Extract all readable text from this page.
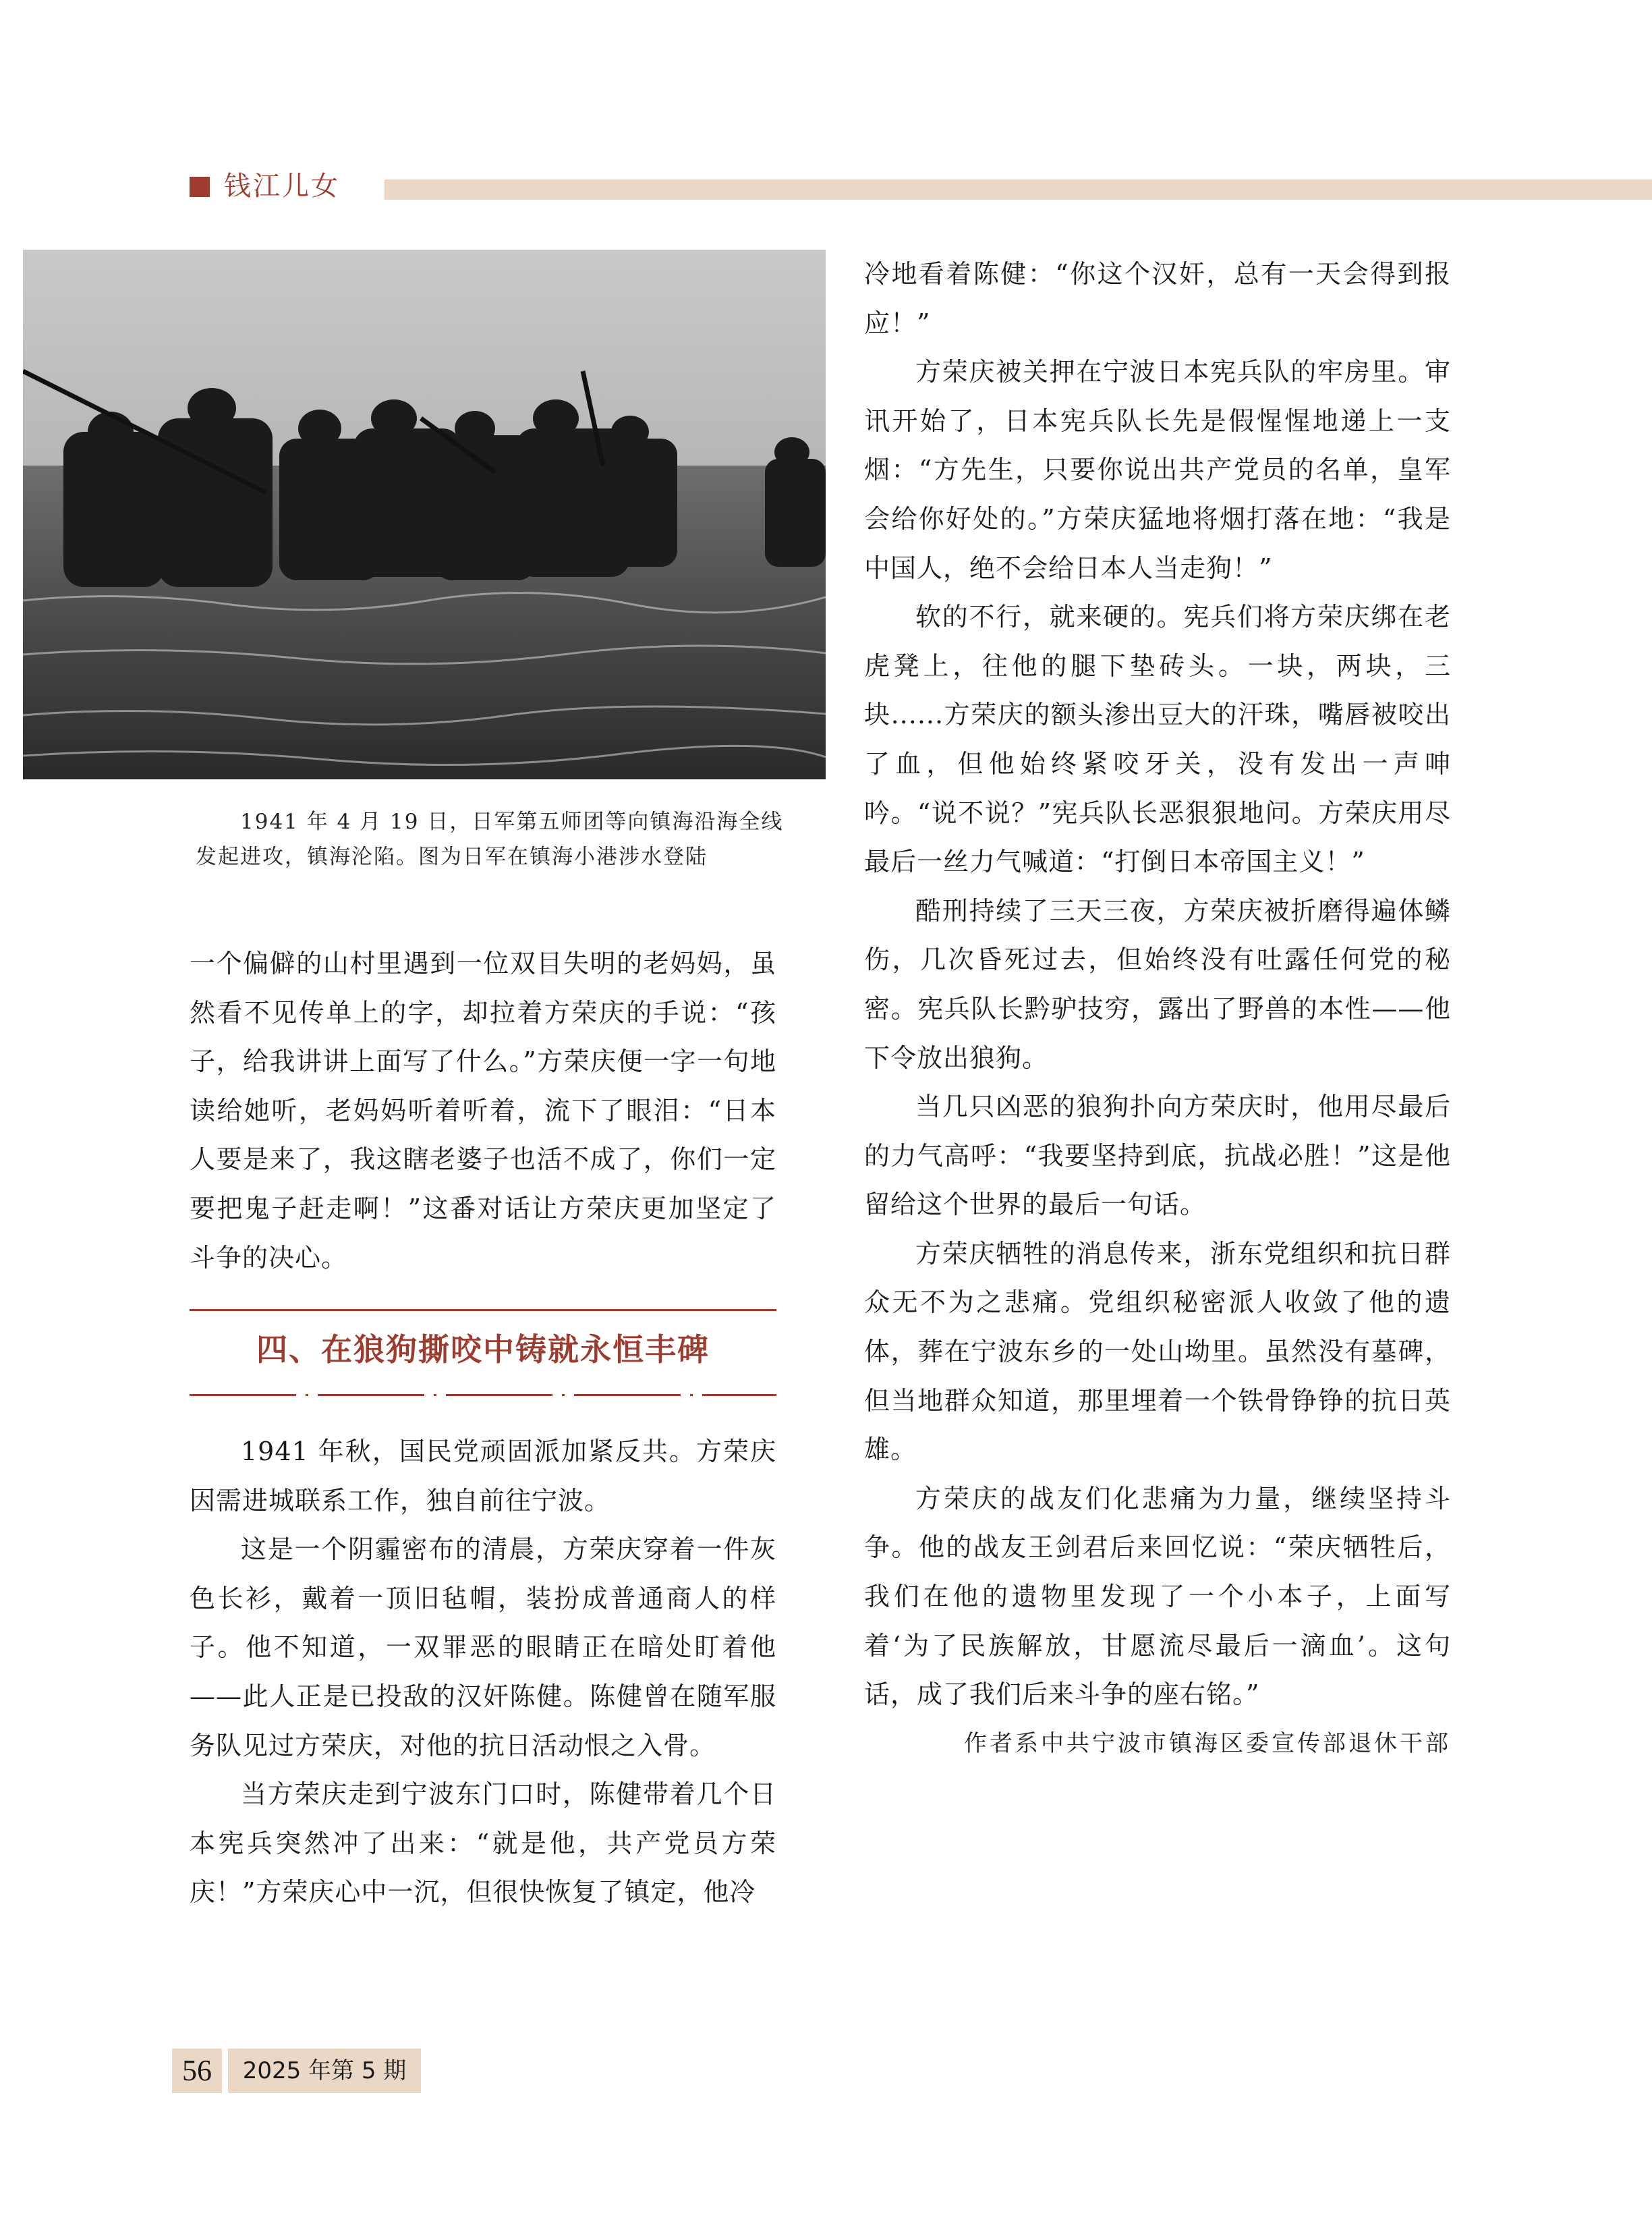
钱江儿女
1941 年 4 月 19 日，日军第五师团等向镇海沿海全线
发起进攻，镇海沦陷。图为日军在镇海小港涉水登陆

一个偏僻的山村里遇到一位双目失明的老妈妈，虽然看不见传单上的字，却拉着方荣庆的手说：“孩子，给我讲讲上面写了什么。”方荣庆便一字一句地读给她听，老妈妈听着听着，流下了眼泪：“日本人要是来了，我这瞎老婆子也活不成了，你们一定要把鬼子赶走啊！”这番对话让方荣庆更加坚定了斗争的决心。

四、在狼狗撕咬中铸就永恒丰碑

1941 年秋，国民党顽固派加紧反共。方荣庆因需进城联系工作，独自前往宁波。

这是一个阴霾密布的清晨，方荣庆穿着一件灰色长衫，戴着一顶旧毡帽，装扮成普通商人的样子。他不知道，一双罪恶的眼睛正在暗处盯着他——此人正是已投敌的汉奸陈健。陈健曾在随军服务队见过方荣庆，对他的抗日活动恨之入骨。

当方荣庆走到宁波东门口时，陈健带着几个日本宪兵突然冲了出来：“就是他，共产党员方荣庆！”方荣庆心中一沉，但很快恢复了镇定，他冷

冷地看着陈健：“你这个汉奸，总有一天会得到报应！”

方荣庆被关押在宁波日本宪兵队的牢房里。审讯开始了，日本宪兵队长先是假惺惺地递上一支烟：“方先生，只要你说出共产党员的名单，皇军会给你好处的。”方荣庆猛地将烟打落在地：“我是中国人，绝不会给日本人当走狗！”

软的不行，就来硬的。宪兵们将方荣庆绑在老虎凳上，往他的腿下垫砖头。一块，两块，三块......方荣庆的额头渗出豆大的汗珠，嘴唇被咬出了血，但他始终紧咬牙关，没有发出一声呻吟。“说不说？”宪兵队长恶狠狠地问。方荣庆用尽最后一丝力气喊道：“打倒日本帝国主义！”

酷刑持续了三天三夜，方荣庆被折磨得遍体鳞伤，几次昏死过去，但始终没有吐露任何党的秘密。宪兵队长黔驴技穷，露出了野兽的本性——他下令放出狼狗。

当几只凶恶的狼狗扑向方荣庆时，他用尽最后的力气高呼：“我要坚持到底，抗战必胜！”这是他留给这个世界的最后一句话。

方荣庆牺牲的消息传来，浙东党组织和抗日群众无不为之悲痛。党组织秘密派人收敛了他的遗体，葬在宁波东乡的一处山坳里。虽然没有墓碑，但当地群众知道，那里埋着一个铁骨铮铮的抗日英雄。

方荣庆的战友们化悲痛为力量，继续坚持斗争。他的战友王剑君后来回忆说：“荣庆牺牲后，我们在他的遗物里发现了一个小本子，上面写着‘为了民族解放，甘愿流尽最后一滴血’。这句话，成了我们后来斗争的座右铭。”

作者系中共宁波市镇海区委宣传部退休干部

56	2025 年第 5 期
